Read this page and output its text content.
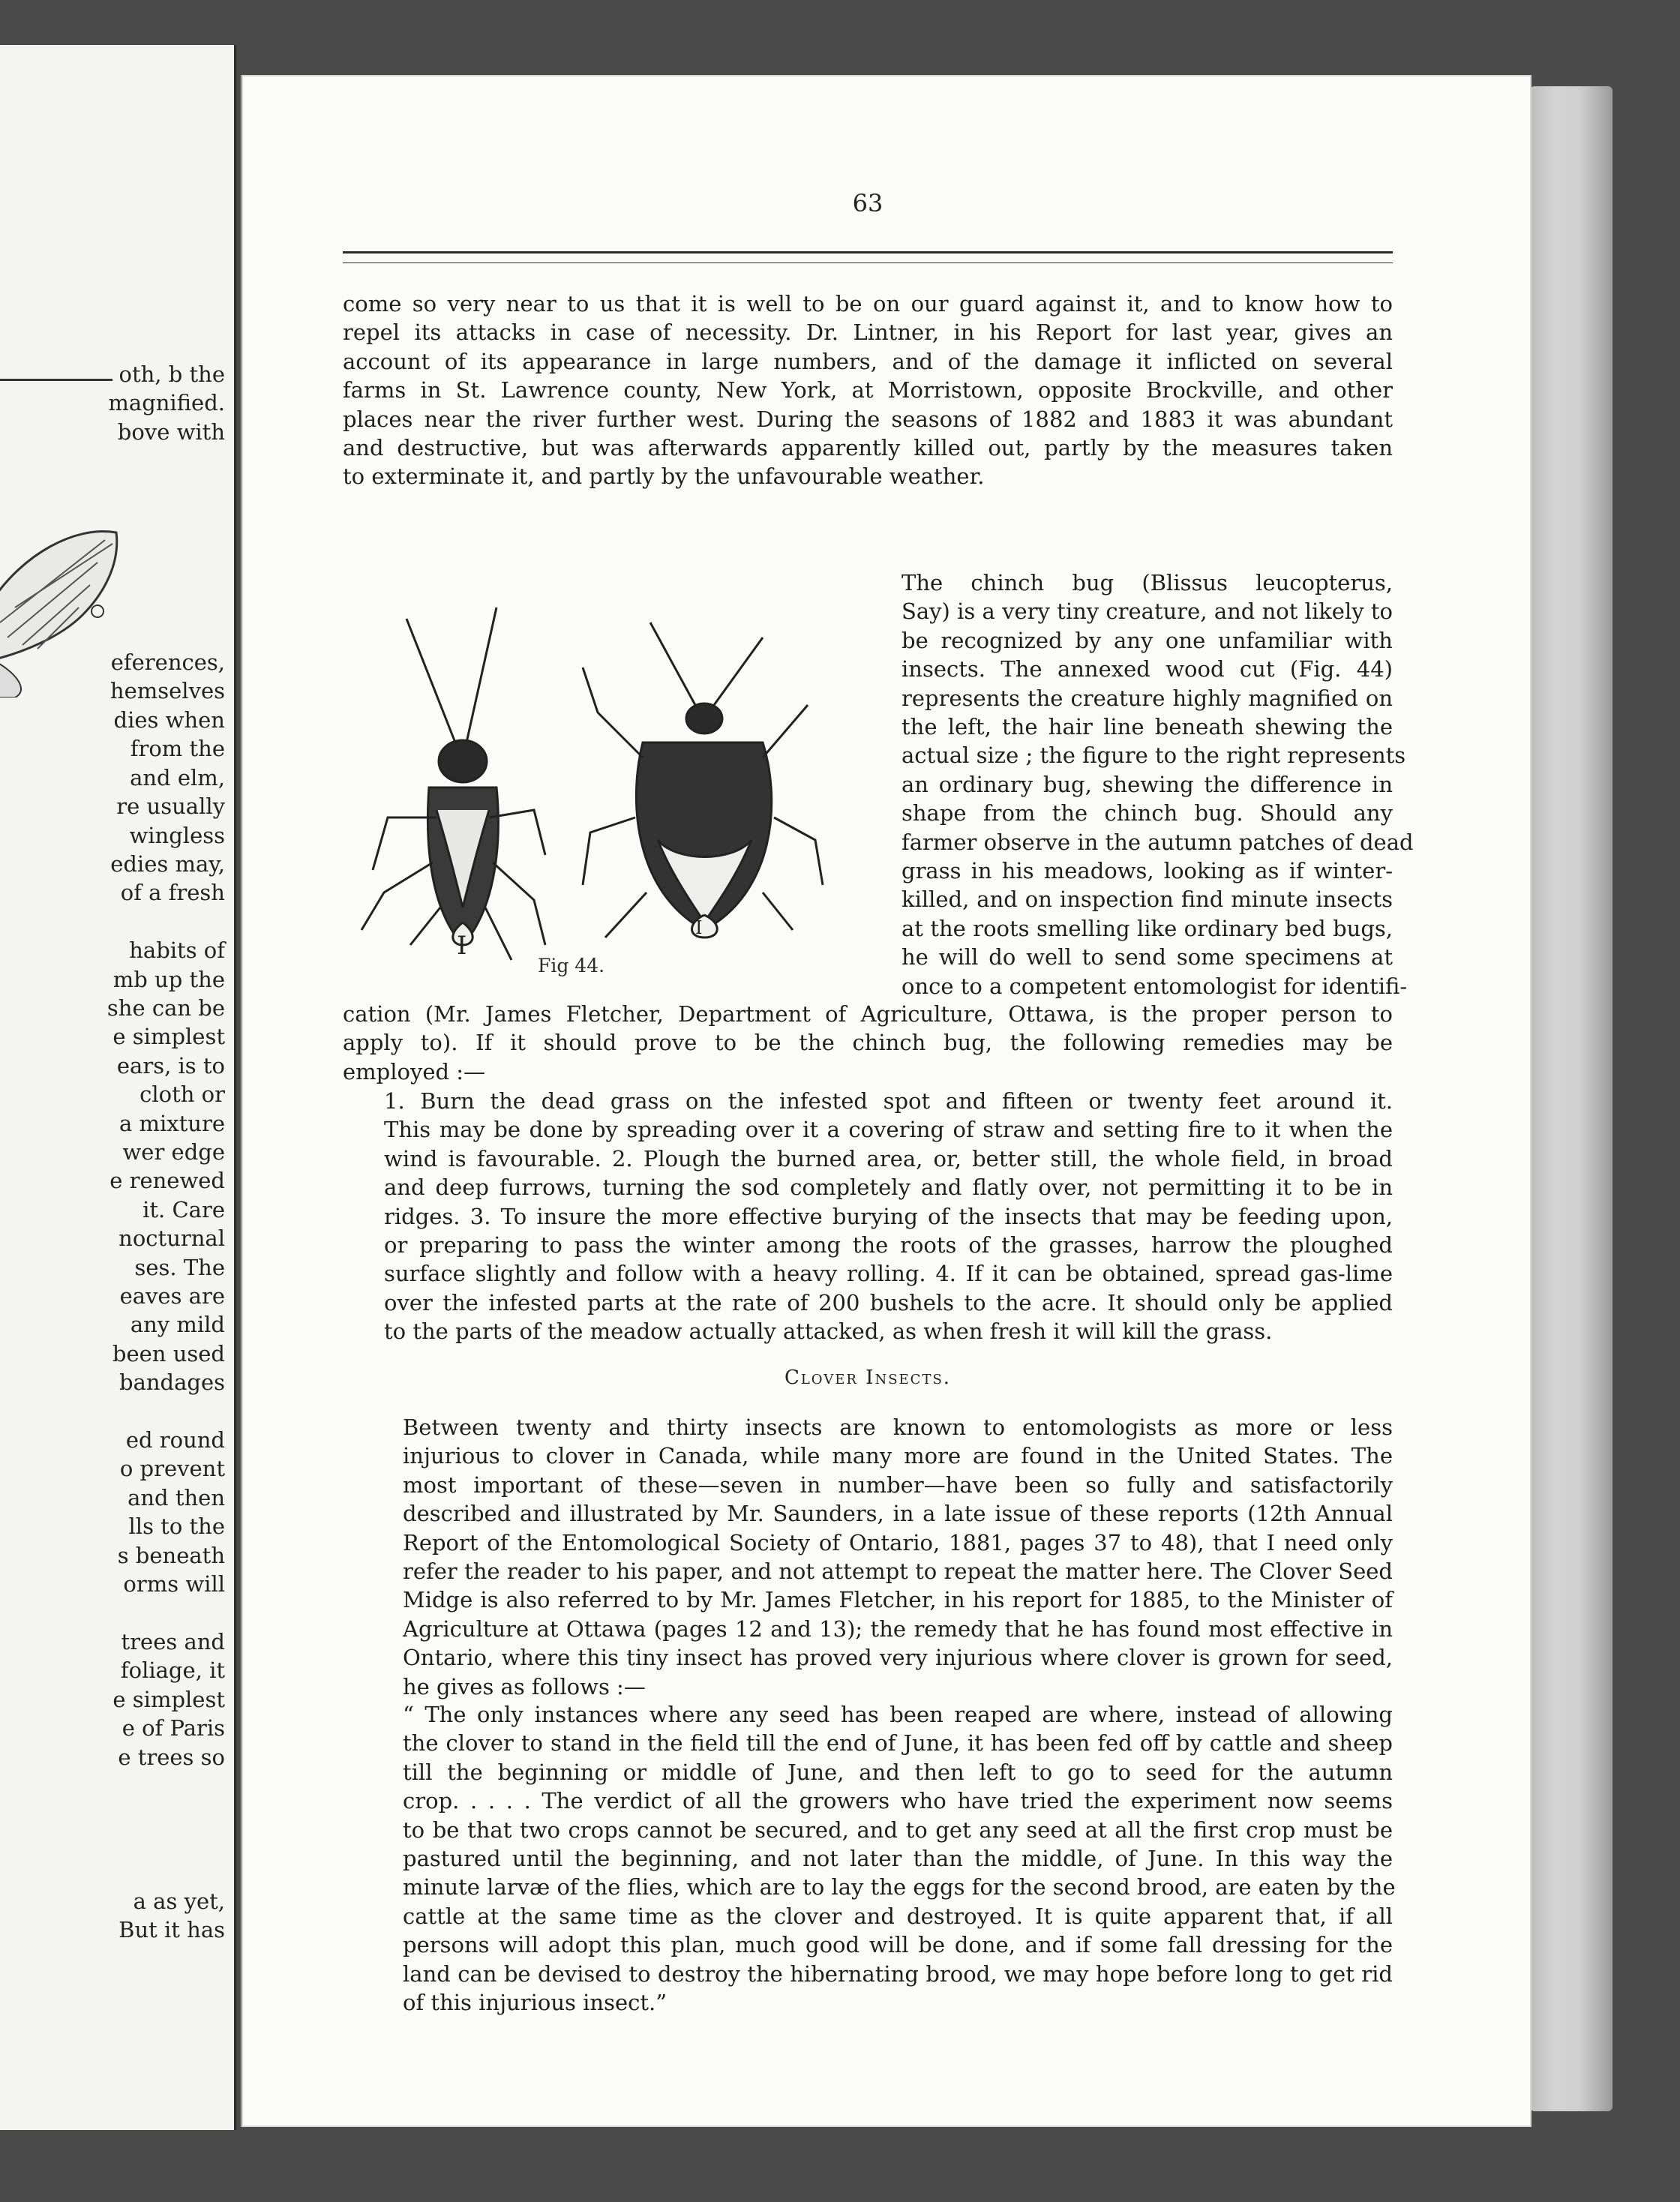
oth, b the
magnified.
bove with

eferences,
hemselves
dies when
from the
and elm,
re usually
wingless
edies may,
of a fresh

habits of
mb up the
she can be
e simplest
ears, is to
cloth or
a mixture
wer edge
e renewed
it. Care
nocturnal
ses. The
eaves are
any mild
been used
bandages

ed round
o prevent
and then
lls to the
s beneath
orms will

trees and
foliage, it
e simplest
e of Paris
e trees so

a as yet,
But it has
63
come so very near to us that it is well to be on our guard against it, and to know how to
repel its attacks in case of necessity. Dr. Lintner, in his Report for last year, gives an
account of its appearance in large numbers, and of the damage it inflicted on several
farms in St. Lawrence county, New York, at Morristown, opposite Brockville, and other
places near the river further west. During the seasons of 1882 and 1883 it was abundant
and destructive, but was afterwards apparently killed out, partly by the measures taken
to exterminate it, and partly by the unfavourable weather.
I
I
Fig 44.
The chinch bug (Blissus leucopterus,
Say) is a very tiny creature, and not likely to
be recognized by any one unfamiliar with
insects. The annexed wood cut (Fig. 44)
represents the creature highly magnified on
the left, the hair line beneath shewing the
actual size ; the figure to the right represents
an ordinary bug, shewing the difference in
shape from the chinch bug. Should any
farmer observe in the autumn patches of dead
grass in his meadows, looking as if winter-
killed, and on inspection find minute insects
at the roots smelling like ordinary bed bugs,
he will do well to send some specimens at
once to a competent entomologist for identifi-
cation (Mr. James Fletcher, Department of Agriculture, Ottawa, is the proper person to
apply to). If it should prove to be the chinch bug, the following remedies may be
employed :—
1. Burn the dead grass on the infested spot and fifteen or twenty feet around it.
This may be done by spreading over it a covering of straw and setting fire to it when the
wind is favourable. 2. Plough the burned area, or, better still, the whole field, in broad
and deep furrows, turning the sod completely and flatly over, not permitting it to be in
ridges. 3. To insure the more effective burying of the insects that may be feeding upon,
or preparing to pass the winter among the roots of the grasses, harrow the ploughed
surface slightly and follow with a heavy rolling. 4. If it can be obtained, spread gas-lime
over the infested parts at the rate of 200 bushels to the acre. It should only be applied
to the parts of the meadow actually attacked, as when fresh it will kill the grass.
Clover Insects.
Between twenty and thirty insects are known to entomologists as more or less
injurious to clover in Canada, while many more are found in the United States. The
most important of these—seven in number—have been so fully and satisfactorily
described and illustrated by Mr. Saunders, in a late issue of these reports (12th Annual
Report of the Entomological Society of Ontario, 1881, pages 37 to 48), that I need only
refer the reader to his paper, and not attempt to repeat the matter here. The Clover Seed
Midge is also referred to by Mr. James Fletcher, in his report for 1885, to the Minister of
Agriculture at Ottawa (pages 12 and 13); the remedy that he has found most effective in
Ontario, where this tiny insect has proved very injurious where clover is grown for seed,
he gives as follows :—
“ The only instances where any seed has been reaped are where, instead of allowing
the clover to stand in the field till the end of June, it has been fed off by cattle and sheep
till the beginning or middle of June, and then left to go to seed for the autumn
crop. . . . . The verdict of all the growers who have tried the experiment now seems
to be that two crops cannot be secured, and to get any seed at all the first crop must be
pastured until the beginning, and not later than the middle, of June. In this way the
minute larvæ of the flies, which are to lay the eggs for the second brood, are eaten by the
cattle at the same time as the clover and destroyed. It is quite apparent that, if all
persons will adopt this plan, much good will be done, and if some fall dressing for the
land can be devised to destroy the hibernating brood, we may hope before long to get rid
of this injurious insect.”
